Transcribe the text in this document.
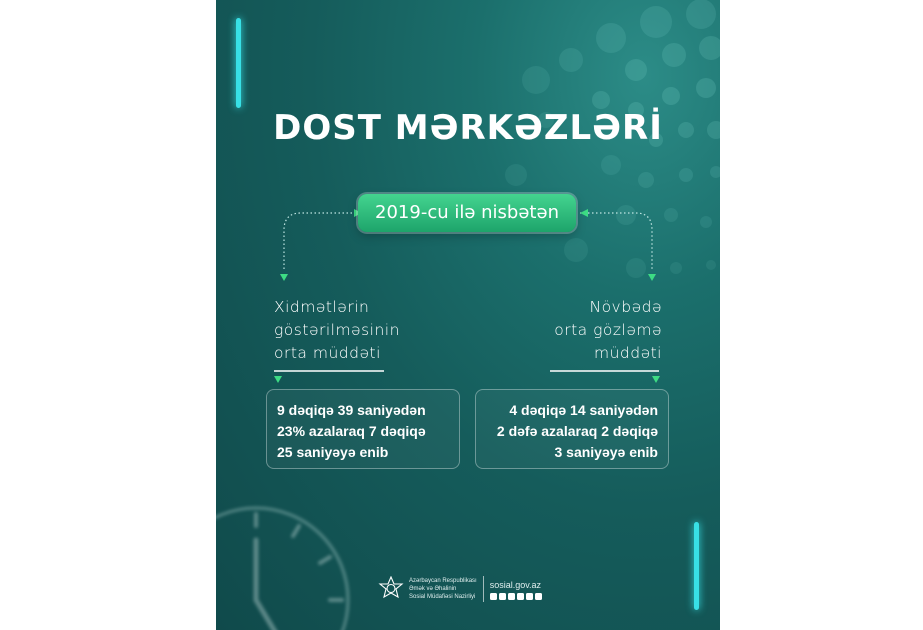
DOST MƏRKƏZLƏRİ
2019-cu ilə nisbətən
Xidmətlərin
göstərilməsinin
orta müddəti
Növbədə
orta gözləmə
müddəti
9 dəqiqə 39 saniyədən
23% azalaraq 7 dəqiqə
25 saniyəyə enib
4 dəqiqə 14 saniyədən
2 dəfə azalaraq 2 dəqiqə
3 saniyəyə enib
Azərbaycan Respublikası
Əmək və Əhalinin
Sosial Müdafiəsi Nazirliyi
sosial.gov.az
